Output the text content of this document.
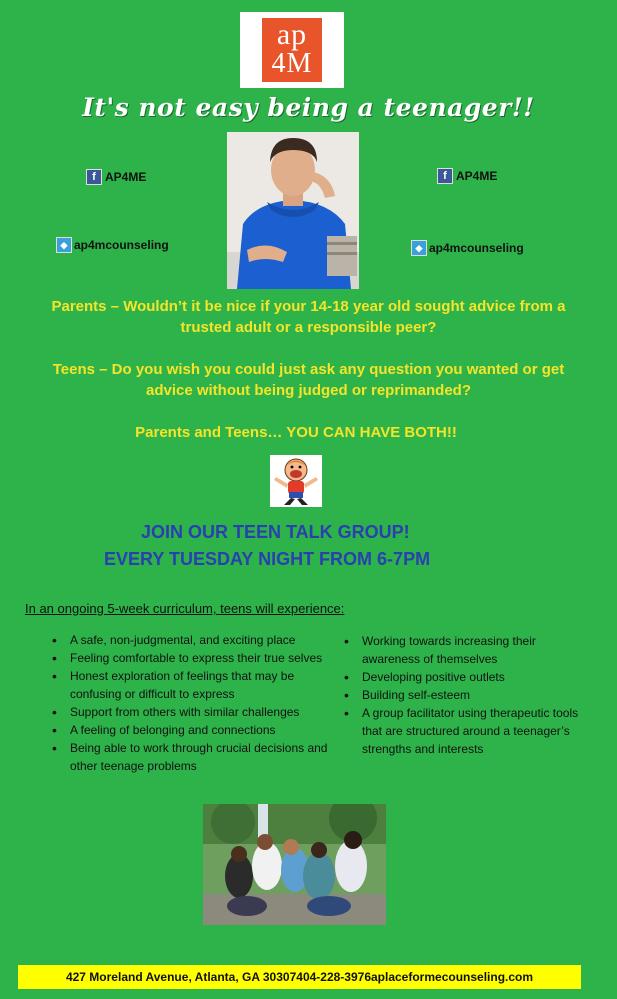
ap
4M
It's not easy being a teenager!!
f AP4ME	f AP4ME
◆ ap4mcounseling	◆ ap4mcounseling
Parents – Wouldn’t it be nice if your 14-18 year old sought advice from a trusted adult or a responsible peer?
Teens – Do you wish you could just ask any question you wanted or get advice without being judged or reprimanded?
Parents and Teens… YOU CAN HAVE BOTH!!
JOIN OUR TEEN TALK GROUP!
EVERY TUESDAY NIGHT FROM 6-7PM
In an ongoing 5-week curriculum, teens will experience:
• A safe, non-judgmental, and exciting place
• Feeling comfortable to express their true selves
• Honest exploration of feelings that may be confusing or difficult to express
• Support from others with similar challenges
• A feeling of belonging and connections
• Being able to work through crucial decisions and other teenage problems
• Working towards increasing their awareness of themselves
• Developing positive outlets
• Building self-esteem
• A group facilitator using therapeutic tools that are structured around a teenager’s strengths and interests
427 Moreland Avenue, Atlanta, GA 30307 404-228-3976 aplaceformecounseling.com
